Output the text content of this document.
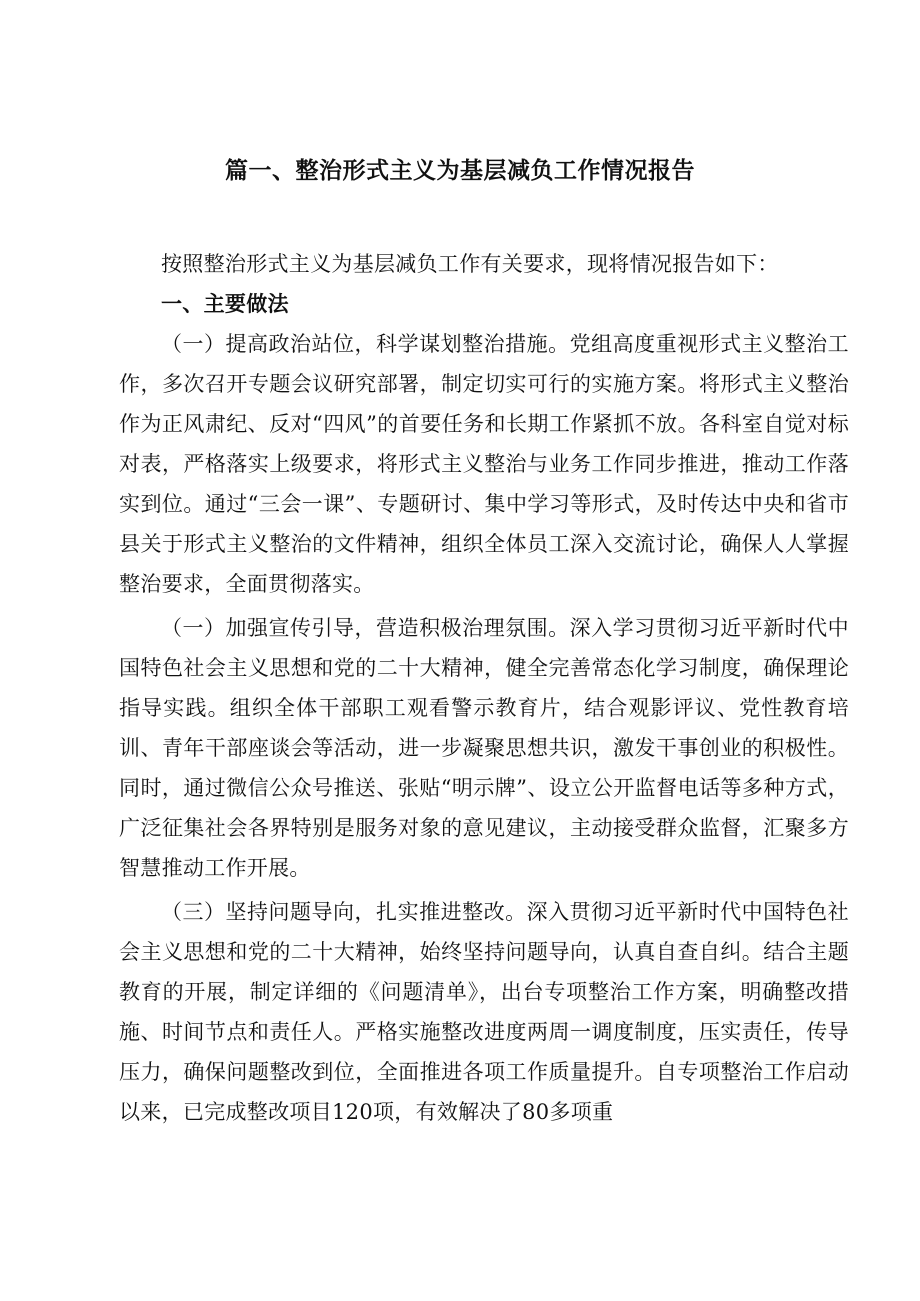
篇一、整治形式主义为基层减负工作情况报告

按照整治形式主义为基层减负工作有关要求，现将情况报告如下：

一、主要做法

（一）提高政治站位，科学谋划整治措施。党组高度重视形式主义整治工作，多次召开专题会议研究部署，制定切实可行的实施方案。将形式主义整治作为正风肃纪、反对“四风”的首要任务和长期工作紧抓不放。各科室自觉对标对表，严格落实上级要求，将形式主义整治与业务工作同步推进，推动工作落实到位。通过“三会一课”、专题研讨、集中学习等形式，及时传达中央和省市县关于形式主义整治的文件精神，组织全体员工深入交流讨论，确保人人掌握整治要求，全面贯彻落实。

（一）加强宣传引导，营造积极治理氛围。深入学习贯彻习近平新时代中国特色社会主义思想和党的二十大精神，健全完善常态化学习制度，确保理论指导实践。组织全体干部职工观看警示教育片，结合观影评议、党性教育培训、青年干部座谈会等活动，进一步凝聚思想共识，激发干事创业的积极性。同时，通过微信公众号推送、张贴“明示牌”、设立公开监督电话等多种方式，广泛征集社会各界特别是服务对象的意见建议，主动接受群众监督，汇聚多方智慧推动工作开展。

（三）坚持问题导向，扎实推进整改。深入贯彻习近平新时代中国特色社会主义思想和党的二十大精神，始终坚持问题导向，认真自查自纠。结合主题教育的开展，制定详细的《问题清单》，出台专项整治工作方案，明确整改措施、时间节点和责任人。严格实施整改进度两周一调度制度，压实责任，传导压力，确保问题整改到位，全面推进各项工作质量提升。自专项整治工作启动以来，已完成整改项目120项，有效解决了80多项重
